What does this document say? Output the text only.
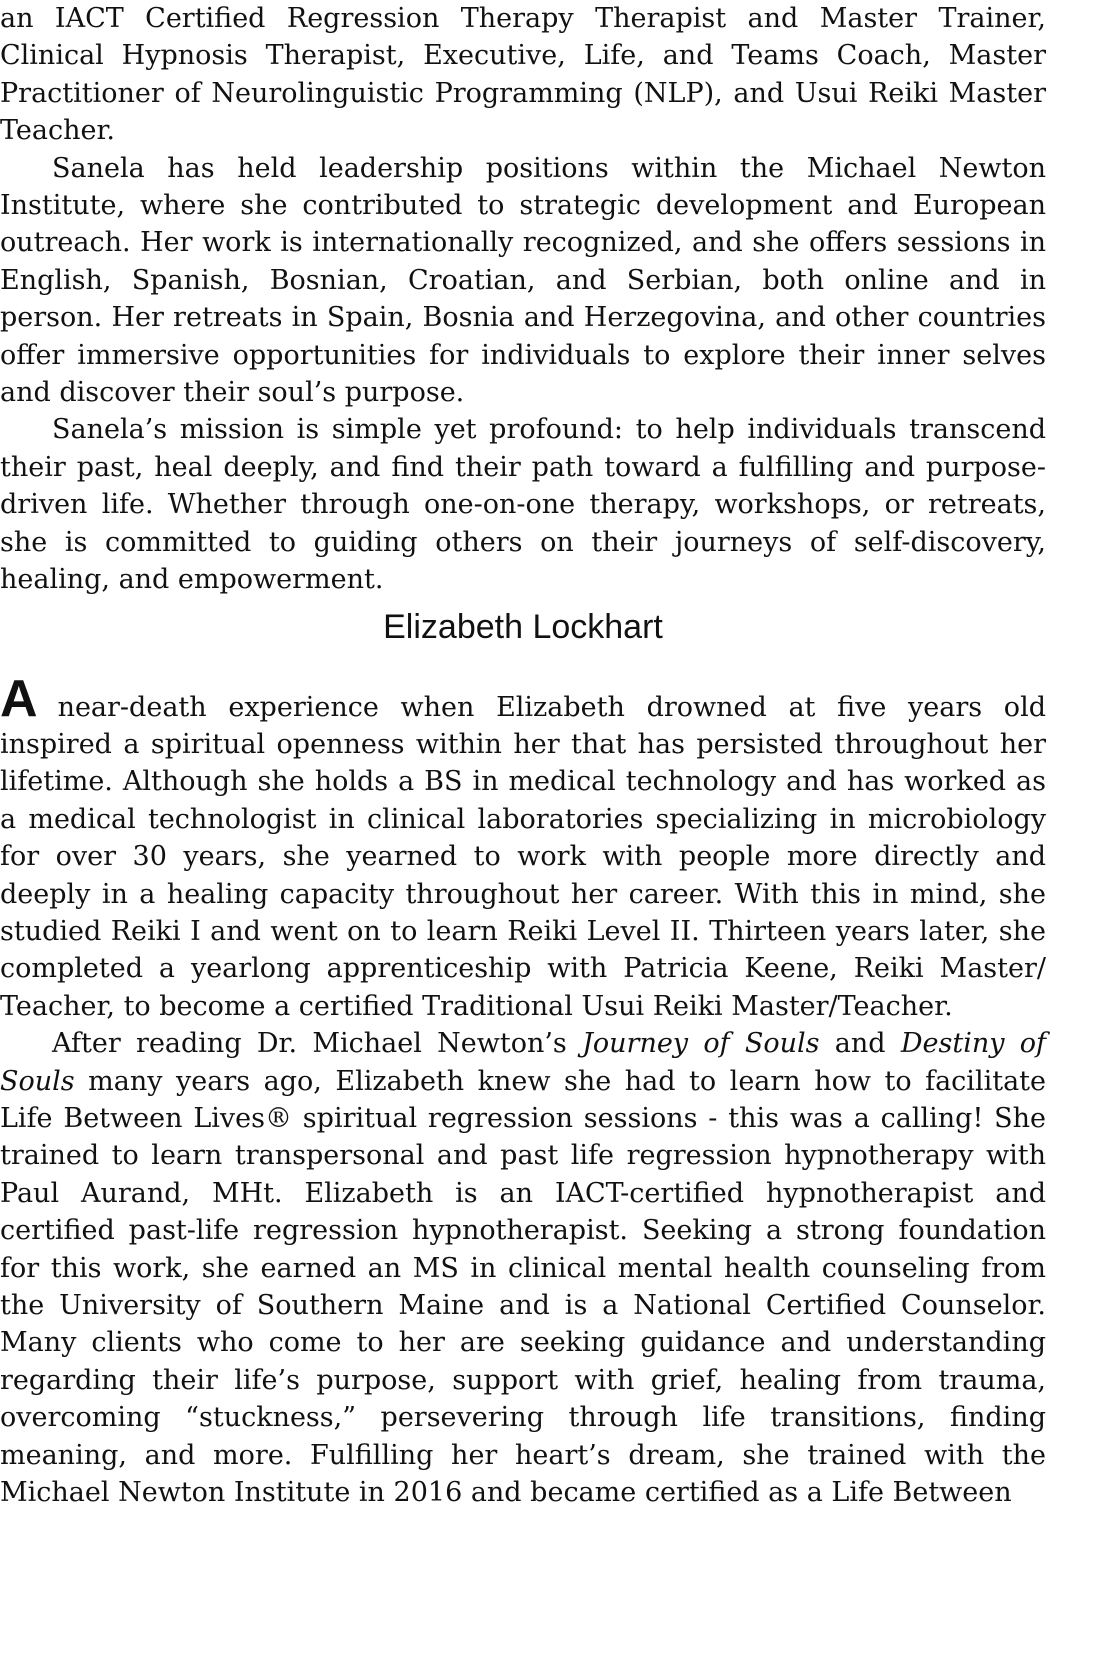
an IACT Certified Regression Therapy Therapist and Master Trainer, Clinical Hypnosis Therapist, Executive, Life, and Teams Coach, Master Practitioner of Neurolinguistic Programming (NLP), and Usui Reiki Master Teacher.

Sanela has held leadership positions within the Michael Newton Institute, where she contributed to strategic development and European outreach. Her work is internationally recognized, and she offers sessions in English, Spanish, Bosnian, Croatian, and Serbian, both online and in person. Her retreats in Spain, Bosnia and Herzegovina, and other countries offer immersive opportunities for individuals to explore their inner selves and discover their soul’s purpose.

Sanela’s mission is simple yet profound: to help individuals transcend their past, heal deeply, and find their path toward a fulfilling and purpose-driven life. Whether through one-on-one therapy, workshops, or retreats, she is committed to guiding others on their journeys of self-discovery, healing, and empowerment.

Elizabeth Lockhart

Anear-death experience when Elizabeth drowned at five years old inspired a spiritual openness within her that has persisted throughout her lifetime. Although she holds a BS in medical technology and has worked as a medical technologist in clinical laboratories specializing in microbiology for over 30 years, she yearned to work with people more directly and deeply in a healing capacity throughout her career. With this in mind, she studied Reiki I and went on to learn Reiki Level II. Thirteen years later, she completed a yearlong apprenticeship with Patricia Keene, Reiki Master/ Teacher, to become a certified Traditional Usui Reiki Master/Teacher.

After reading Dr. Michael Newton’s Journey of Souls and Destiny of Souls many years ago, Elizabeth knew she had to learn how to facilitate Life Between Lives® spiritual regression sessions - this was a calling! She trained to learn transpersonal and past life regression hypnotherapy with Paul Aurand, MHt. Elizabeth is an IACT-certified hypnotherapist and certified past-life regression hypnotherapist. Seeking a strong foundation for this work, she earned an MS in clinical mental health counseling from the University of Southern Maine and is a National Certified Counselor. Many clients who come to her are seeking guidance and understanding regarding their life’s purpose, support with grief, healing from trauma, overcoming “stuckness,” persevering through life transitions, finding meaning, and more. Fulfilling her heart’s dream, she trained with the Michael Newton Institute in 2016 and became certified as a Life Between
